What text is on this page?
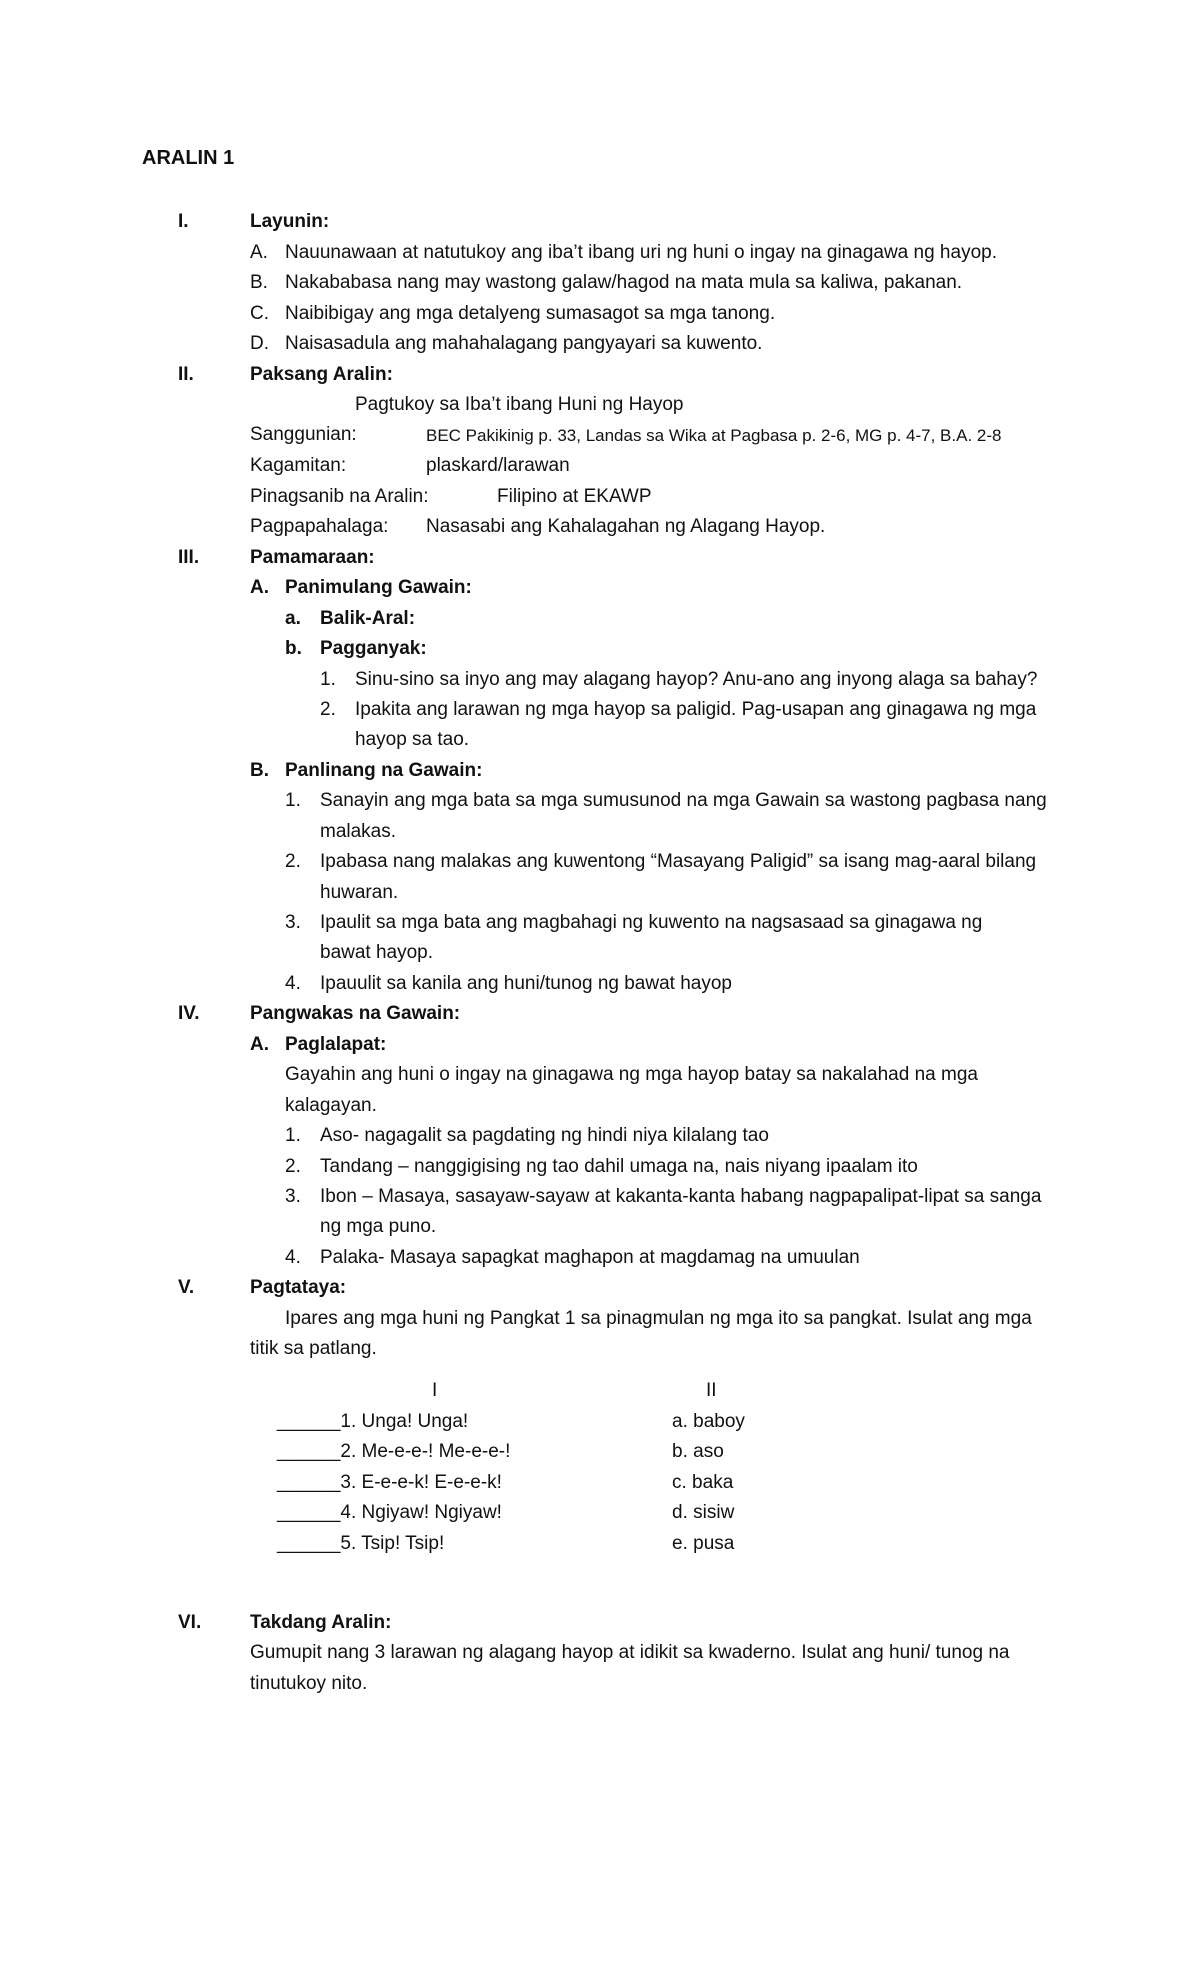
ARALIN 1
I.	Layunin:
A. Nauunawaan at natutukoy ang iba’t ibang uri ng huni o ingay na ginagawa ng hayop.
B. Nakababasa nang may wastong galaw/hagod na mata mula sa kaliwa, pakanan.
C. Naibibigay ang mga detalyeng sumasagot sa mga tanong.
D. Naisasadula ang mahahalagang pangyayari sa kuwento.
II.	Paksang Aralin:
Pagtukoy sa Iba’t ibang Huni ng Hayop
Sanggunian:	BEC Pakikinig p. 33, Landas sa Wika at Pagbasa p. 2-6, MG p. 4-7, B.A. 2-8
Kagamitan:	plaskard/larawan
Pinagsanib na Aralin:	Filipino at EKAWP
Pagpapahalaga: Nasasabi ang Kahalagahan ng Alagang Hayop.
III.	Pamamaraan:
A. Panimulang Gawain:
a. Balik-Aral:
b. Pagganyak:
1. Sinu-sino sa inyo ang may alagang hayop? Anu-ano ang inyong alaga sa bahay?
2. Ipakita ang larawan ng mga hayop sa paligid. Pag-usapan ang ginagawa ng mga
hayop sa tao.
B. Panlinang na Gawain:
1. Sanayin ang mga bata sa mga sumusunod na mga Gawain sa wastong pagbasa nang
malakas.
2. Ipabasa nang malakas ang kuwentong “Masayang Paligid” sa isang mag-aaral bilang
huwaran.
3. Ipaulit sa mga bata ang magbahagi ng kuwento na nagsasaad sa ginagawa ng
bawat hayop.
4. Ipauulit sa kanila ang huni/tunog ng bawat hayop
IV.	Pangwakas na Gawain:
A. Paglalapat:
Gayahin ang huni o ingay na ginagawa ng mga hayop batay sa nakalahad na mga
kalagayan.
1. Aso- nagagalit sa pagdating ng hindi niya kilalang tao
2. Tandang – nanggigising ng tao dahil umaga na, nais niyang ipaalam ito
3. Ibon – Masaya, sasayaw-sayaw at kakanta-kanta habang nagpapalipat-lipat sa sanga
ng mga puno.
4. Palaka- Masaya sapagkat maghapon at magdamag na umuulan
V.	Pagtataya:
Ipares ang mga huni ng Pangkat 1 sa pinagmulan ng mga ito sa pangkat. Isulat ang mga
titik sa patlang.
I	II
______1. Unga! Unga!	a. baboy
______2. Me-e-e-! Me-e-e-!	b. aso
______3. E-e-e-k! E-e-e-k!	c. baka
______4. Ngiyaw! Ngiyaw!	d. sisiw
______5. Tsip! Tsip!	e. pusa
VI.	Takdang Aralin:
Gumupit nang 3 larawan ng alagang hayop at idikit sa kwaderno. Isulat ang huni/ tunog na
tinutukoy nito.
